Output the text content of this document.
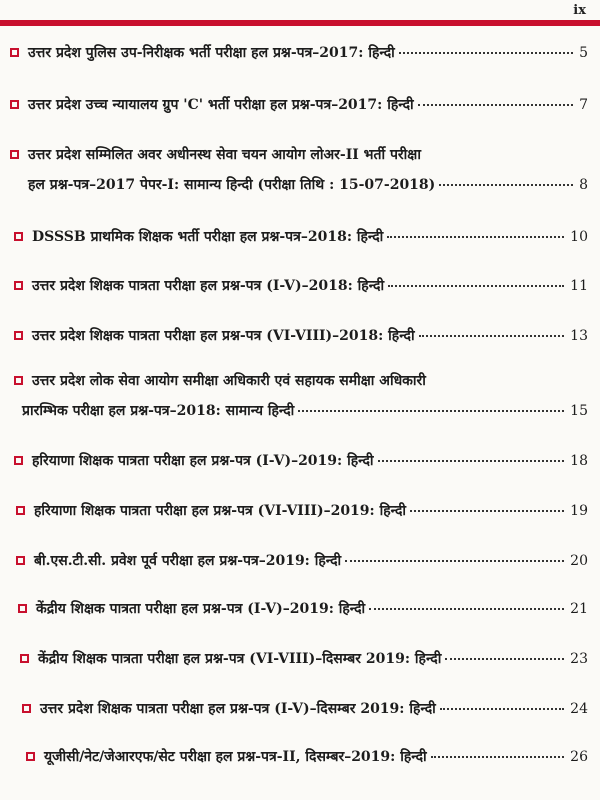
ix
उत्तर प्रदेश पुलिस उप-निरीक्षक भर्ती परीक्षा हल प्रश्न-पत्र–2017: हिन्दी	5
उत्तर प्रदेश उच्च न्यायालय ग्रुप 'C' भर्ती परीक्षा हल प्रश्न-पत्र–2017: हिन्दी	7
उत्तर प्रदेश सम्मिलित अवर अधीनस्थ सेवा चयन आयोग लोअर-II भर्ती परीक्षा
हल प्रश्न-पत्र–2017 पेपर-I: सामान्य हिन्दी (परीक्षा तिथि : 15-07-2018)	8
DSSSB प्राथमिक शिक्षक भर्ती परीक्षा हल प्रश्न-पत्र–2018: हिन्दी	10
उत्तर प्रदेश शिक्षक पात्रता परीक्षा हल प्रश्न-पत्र (I-V)–2018: हिन्दी	11
उत्तर प्रदेश शिक्षक पात्रता परीक्षा हल प्रश्न-पत्र (VI-VIII)–2018: हिन्दी	13
उत्तर प्रदेश लोक सेवा आयोग समीक्षा अधिकारी एवं सहायक समीक्षा अधिकारी
प्रारम्भिक परीक्षा हल प्रश्न-पत्र–2018: सामान्य हिन्दी	15
हरियाणा शिक्षक पात्रता परीक्षा हल प्रश्न-पत्र (I-V)–2019: हिन्दी	18
हरियाणा शिक्षक पात्रता परीक्षा हल प्रश्न-पत्र (VI-VIII)–2019: हिन्दी	19
बी.एस.टी.सी. प्रवेश पूर्व परीक्षा हल प्रश्न-पत्र–2019: हिन्दी	20
केंद्रीय शिक्षक पात्रता परीक्षा हल प्रश्न-पत्र (I-V)–2019: हिन्दी	21
केंद्रीय शिक्षक पात्रता परीक्षा हल प्रश्न-पत्र (VI-VIII)–दिसम्बर 2019: हिन्दी	23
उत्तर प्रदेश शिक्षक पात्रता परीक्षा हल प्रश्न-पत्र (I-V)–दिसम्बर 2019: हिन्दी	24
यूजीसी/नेट/जेआरएफ/सेट परीक्षा हल प्रश्न-पत्र-II, दिसम्बर–2019: हिन्दी	26
